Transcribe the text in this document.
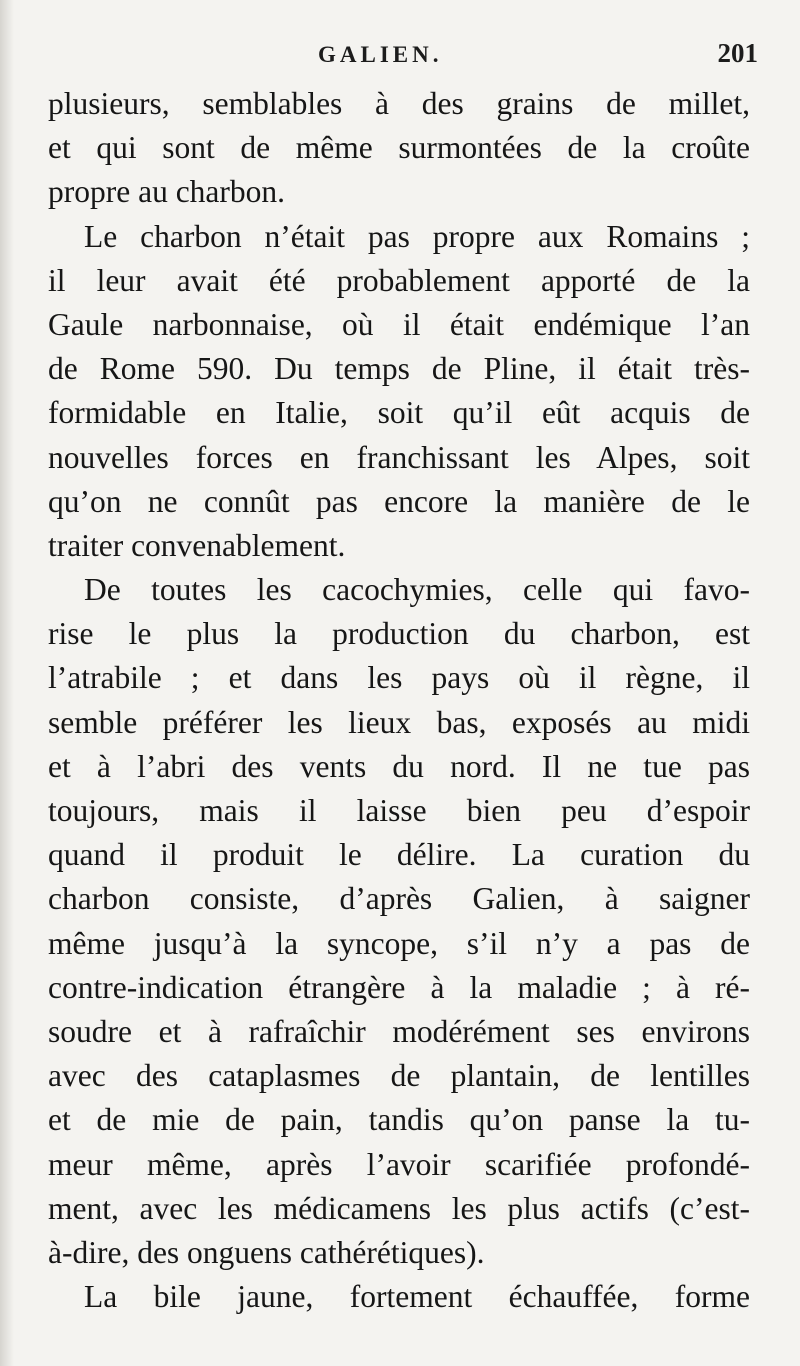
GALIEN.	201
plusieurs, semblables à des grains de millet,
et qui sont de même surmontées de la croûte
propre au charbon.
Le charbon n’était pas propre aux Romains ;
il leur avait été probablement apporté de la
Gaule narbonnaise, où il était endémique l’an
de Rome 590. Du temps de Pline, il était très-
formidable en Italie, soit qu’il eût acquis de
nouvelles forces en franchissant les Alpes, soit
qu’on ne connût pas encore la manière de le
traiter convenablement.
De toutes les cacochymies, celle qui favo-
rise le plus la production du charbon, est
l’atrabile ; et dans les pays où il règne, il
semble préférer les lieux bas, exposés au midi
et à l’abri des vents du nord. Il ne tue pas
toujours, mais il laisse bien peu d’espoir
quand il produit le délire. La curation du
charbon consiste, d’après Galien, à saigner
même jusqu’à la syncope, s’il n’y a pas de
contre-indication étrangère à la maladie ; à ré-
soudre et à rafraîchir modérément ses environs
avec des cataplasmes de plantain, de lentilles
et de mie de pain, tandis qu’on panse la tu-
meur même, après l’avoir scarifiée profondé-
ment, avec les médicamens les plus actifs (c’est-
à-dire, des onguens cathérétiques).
La bile jaune, fortement échauffée, forme
